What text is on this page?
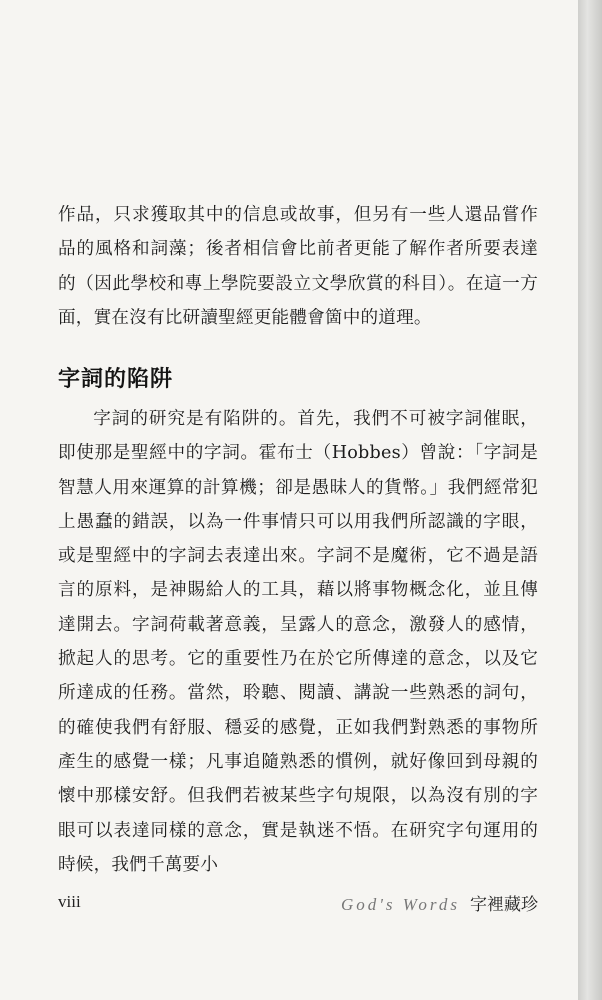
作品，只求獲取其中的信息或故事，但另有一些人還品嘗作品的風格和詞藻；後者相信會比前者更能了解作者所要表達的（因此學校和專上學院要設立文學欣賞的科目）。在這一方面，實在沒有比研讀聖經更能體會箇中的道理。

字詞的陷阱

字詞的研究是有陷阱的。首先，我們不可被字詞催眠，即使那是聖經中的字詞。霍布士（Hobbes）曾說：「字詞是智慧人用來運算的計算機；卻是愚昧人的貨幣。」我們經常犯上愚蠢的錯誤，以為一件事情只可以用我們所認識的字眼，或是聖經中的字詞去表達出來。字詞不是魔術，它不過是語言的原料，是神賜給人的工具，藉以將事物概念化，並且傳達開去。字詞荷載著意義，呈露人的意念，激發人的感情，掀起人的思考。它的重要性乃在於它所傳達的意念，以及它所達成的任務。當然，聆聽、閱讀、講說一些熟悉的詞句，的確使我們有舒服、穩妥的感覺，正如我們對熟悉的事物所產生的感覺一樣；凡事追隨熟悉的慣例，就好像回到母親的懷中那樣安舒。但我們若被某些字句規限，以為沒有別的字眼可以表達同樣的意念，實是執迷不悟。在研究字句運用的時候，我們千萬要小

viii	God's Words 字裡藏珍
